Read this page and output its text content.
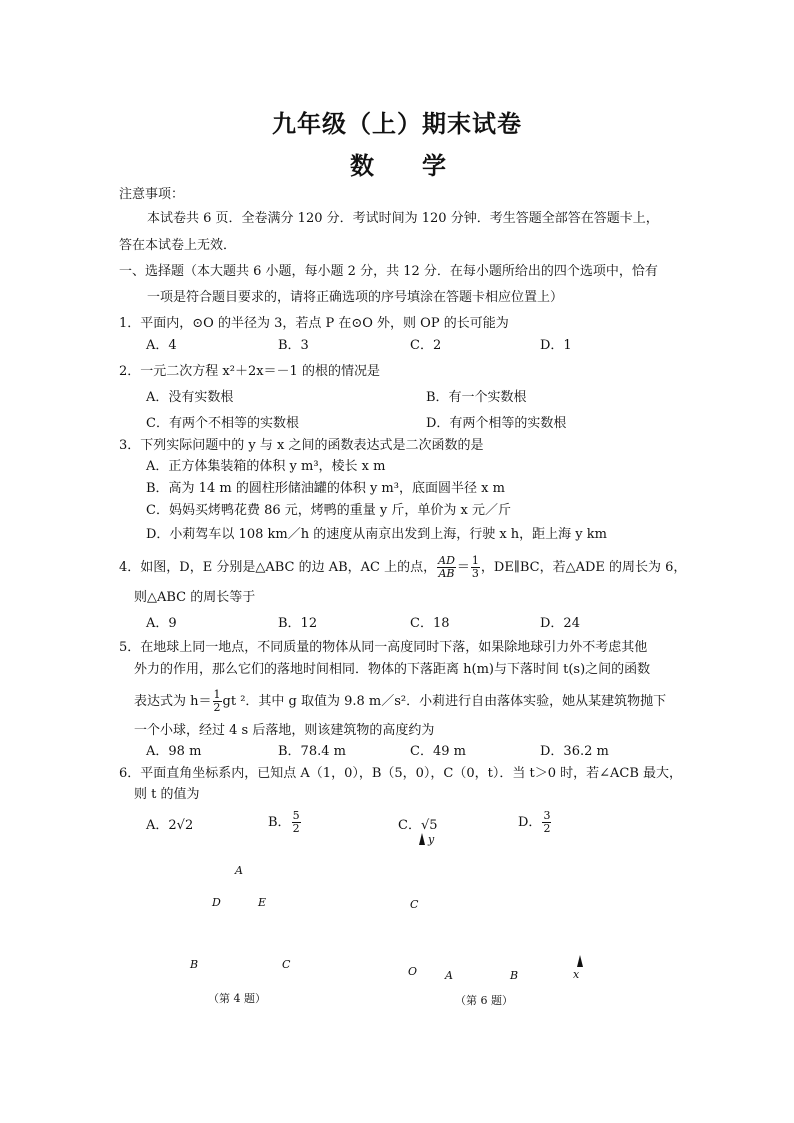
九年级（上）期末试卷
数　　学
注意事项：
本试卷共 6 页．全卷满分 120 分．考试时间为 120 分钟．考生答题全部答在答题卡上，
答在本试卷上无效．
一、选择题（本大题共 6 小题，每小题 2 分，共 12 分．在每小题所给出的四个选项中，恰有
一项是符合题目要求的，请将正确选项的序号填涂在答题卡相应位置上）
1．平面内，⊙O 的半径为 3，若点 P 在⊙O 外，则 OP 的长可能为
A．4	B．3	C．2	D．1
2．一元二次方程 x²＋2x＝－1 的根的情况是
A．没有实数根	B．有一个实数根
C．有两个不相等的实数根	D．有两个相等的实数根
3．下列实际问题中的 y 与 x 之间的函数表达式是二次函数的是
A．正方体集装箱的体积 y m³，棱长 x m
B．高为 14 m 的圆柱形储油罐的体积 y m³，底面圆半径 x m
C．妈妈买烤鸭花费 86 元，烤鸭的重量 y 斤，单价为 x 元／斤
D．小莉驾车以 108 km／h 的速度从南京出发到上海，行驶 x h，距上海 y km
4．如图，D，E 分别是△ABC 的边 AB，AC 上的点， $\frac{AD}{AB} = \frac{1}{3}$ ，DE∥BC，若△ADE 的周长为 6，
则△ABC 的周长等于
A．9	B．12	C．18	D．24
5．在地球上同一地点，不同质量的物体从同一高度同时下落，如果除地球引力外不考虑其他
外力的作用，那么它们的落地时间相同．物体的下落距离 h(m)与下落时间 t(s)之间的函数
表达式为 $h= \frac{1}{2}$ gt ²．其中 g 取值为 9.8 m／s²．小莉进行自由落体实验，她从某建筑物抛下
一个小球，经过 4 s 后落地，则该建筑物的高度约为
A．98 m	B．78.4 m	C．49 m	D．36.2 m
6．平面直角坐标系内，已知点 A（1，0），B（5，0），C（0，t）．当 t＞0 时，若∠ACB 最大，
则 t 的值为
A．2√2	B． $\frac{5}{2}$	C．√5	D． $\frac{3}{2}$
A
D	E
B	C
（第 4 题）
y
C
O	A	B	x
（第 6 题）
